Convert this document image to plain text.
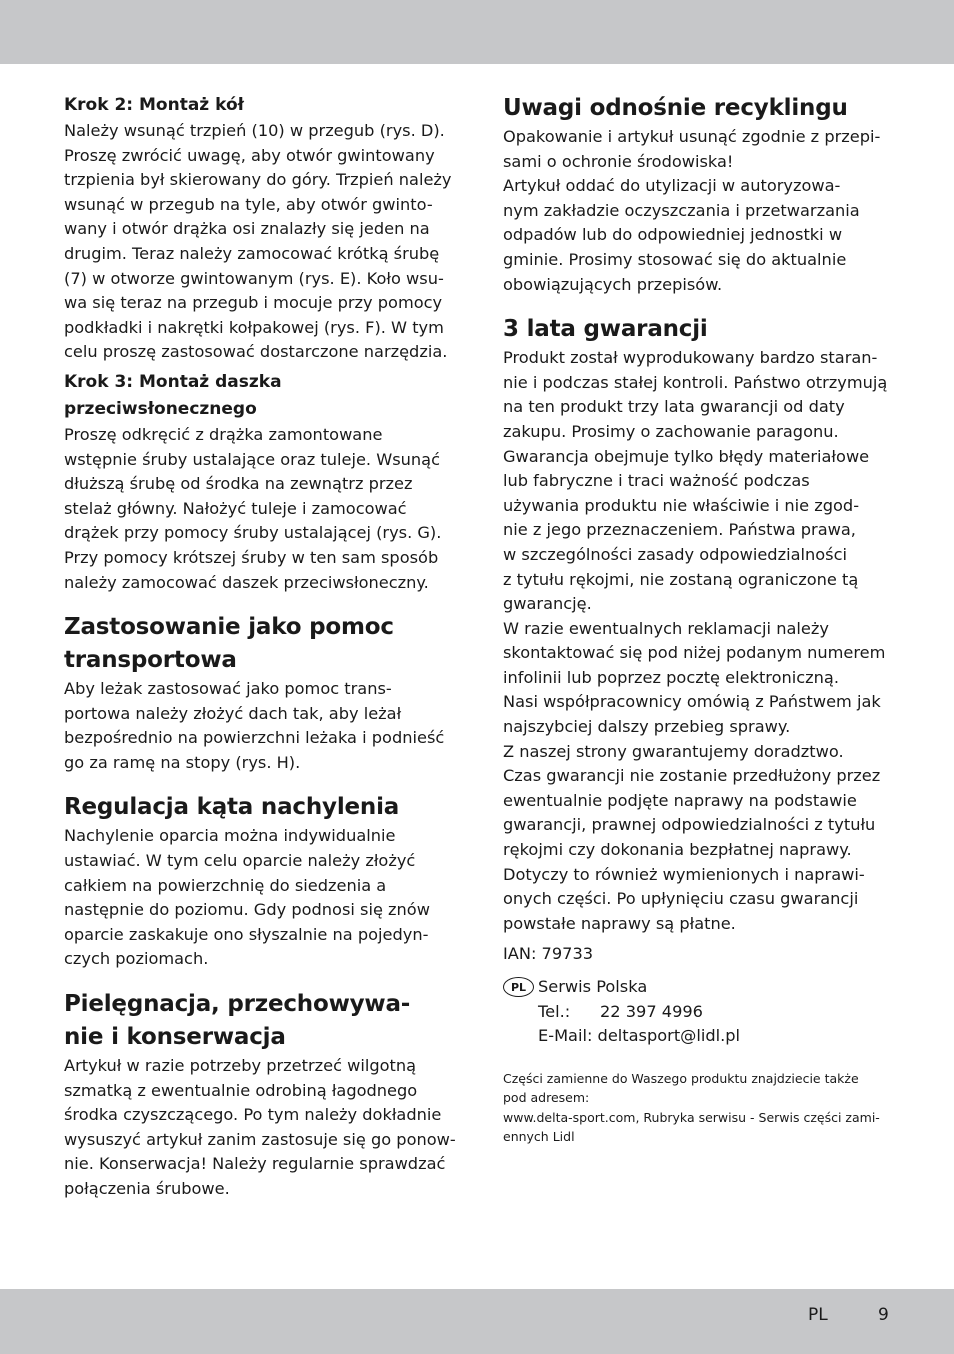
Krok 2: Montaż kół

Należy wsunąć trzpień (10) w przegub (rys. D).
Proszę zwrócić uwagę, aby otwór gwintowany
trzpienia był skierowany do góry. Trzpień należy
wsunąć w przegub na tyle, aby otwór gwinto-
wany i otwór drążka osi znalazły się jeden na
drugim. Teraz należy zamocować krótką śrubę
(7) w otworze gwintowanym (rys. E). Koło wsu-
wa się teraz na przegub i mocuje przy pomocy
podkładki i nakrętki kołpakowej (rys. F). W tym
celu proszę zastosować dostarczone narzędzia.

Krok 3: Montaż daszka
przeciwsłonecznego

Proszę odkręcić z drążka zamontowane
wstępnie śruby ustalające oraz tuleje. Wsunąć
dłuższą śrubę od środka na zewnątrz przez
stelaż główny. Nałożyć tuleje i zamocować
drążek przy pomocy śruby ustalającej (rys. G).
Przy pomocy krótszej śruby w ten sam sposób
należy zamocować daszek przeciwsłoneczny.

Zastosowanie jako pomoc
transportowa

Aby leżak zastosować jako pomoc trans-
portowa należy złożyć dach tak, aby leżał
bezpośrednio na powierzchni leżaka i podnieść
go za ramę na stopy (rys. H).

Regulacja kąta nachylenia

Nachylenie oparcia można indywidualnie
ustawiać. W tym celu oparcie należy złożyć
całkiem na powierzchnię do siedzenia a
następnie do poziomu. Gdy podnosi się znów
oparcie zaskakuje ono słyszalnie na pojedyn-
czych poziomach.

Pielęgnacja, przechowywa-
nie i konserwacja

Artykuł w razie potrzeby przetrzeć wilgotną
szmatką z ewentualnie odrobiną łagodnego
środka czyszczącego. Po tym należy dokładnie
wysuszyć artykuł zanim zastosuje się go ponow-
nie. Konserwacja! Należy regularnie sprawdzać
połączenia śrubowe.

Uwagi odnośnie recyklingu

Opakowanie i artykuł usunąć zgodnie z przepi-
sami o ochronie środowiska!
Artykuł oddać do utylizacji w autoryzowa-
nym zakładzie oczyszczania i przetwarzania
odpadów lub do odpowiedniej jednostki w
gminie. Prosimy stosować się do aktualnie
obowiązujących przepisów.

3 lata gwarancji

Produkt został wyprodukowany bardzo staran-
nie i podczas stałej kontroli. Państwo otrzymują
na ten produkt trzy lata gwarancji od daty
zakupu. Prosimy o zachowanie paragonu.
Gwarancja obejmuje tylko błędy materiałowe
lub fabryczne i traci ważność podczas
używania produktu nie właściwie i nie zgod-
nie z jego przeznaczeniem. Państwa prawa,
w szczególności zasady odpowiedzialności
z tytułu rękojmi, nie zostaną ograniczone tą
gwarancję.
W razie ewentualnych reklamacji należy
skontaktować się pod niżej podanym numerem
infolinii lub poprzez pocztę elektroniczną.
Nasi współpracownicy omówią z Państwem jak
najszybciej dalszy przebieg sprawy.
Z naszej strony gwarantujemy doradztwo.
Czas gwarancji nie zostanie przedłużony przez
ewentualnie podjęte naprawy na podstawie
gwarancji, prawnej odpowiedzialności z tytułu
rękojmi czy dokonania bezpłatnej naprawy.
Dotyczy to również wymienionych i naprawi-
onych części. Po upłynięciu czasu gwarancji
powstałe naprawy są płatne.

IAN: 79733

PL Serwis Polska

Tel.:	22 397 4996

E-Mail: deltasport@lidl.pl

Części zamienne do Waszego produktu znajdziecie także
pod adresem:
www.delta-sport.com, Rubryka serwisu - Serwis części zami-
ennych Lidl

PL	9
